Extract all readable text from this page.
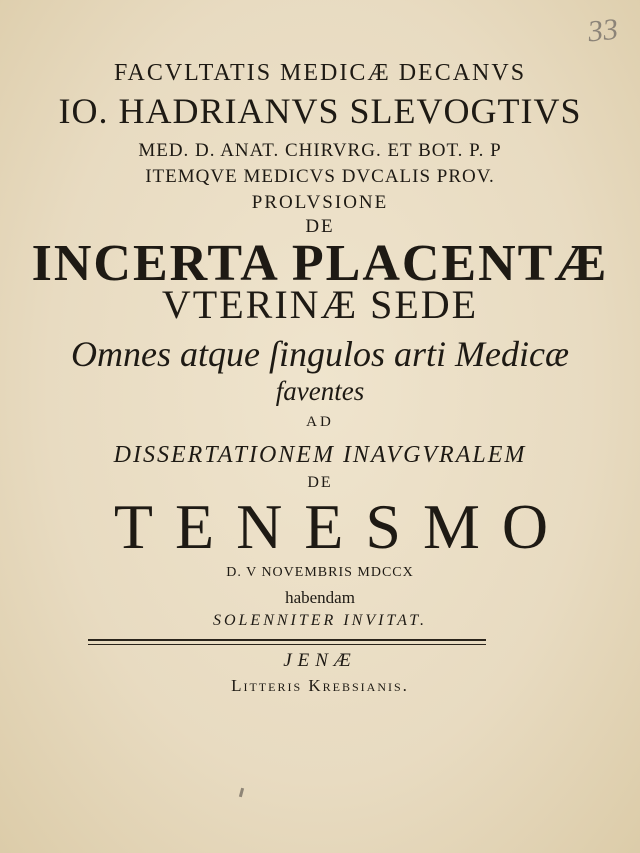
33
FACVLTATIS MEDICÆ DECANVS
IO. HADRIANVS SLEVOGTIVS
MED. D. ANAT. CHIRVRG. ET BOT. P. P
ITEMQVE MEDICVS DVCALIS PROV.
PROLVSIONE
DE
INCERTA PLACENTÆ
VTERINÆ SEDE
Omnes atque ſingulos arti Medicæ
faventes
AD
DISSERTATIONEM INAVGVRALEM
DE
TENESMO
D. V NOVEMBRIS MDCCX
habendam
SOLENNITER INVITAT.
JENÆ
Litteris Krebsianis.
